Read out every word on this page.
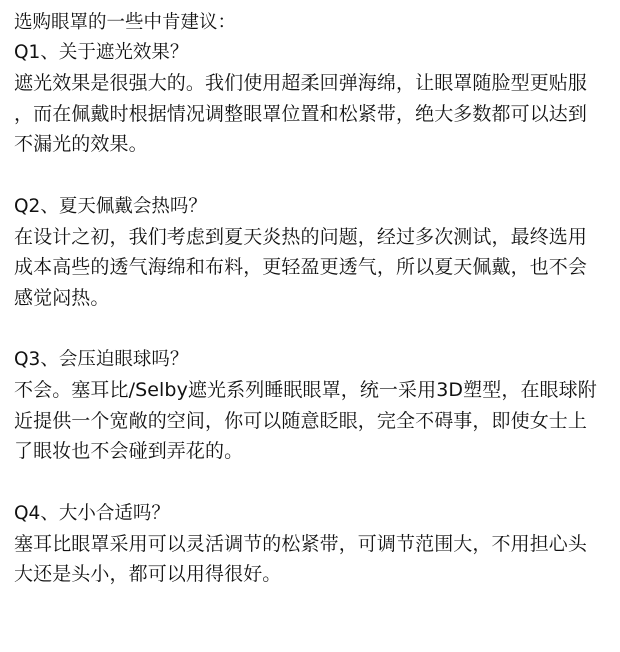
选购眼罩的一些中肯建议：

Q1、关于遮光效果？

遮光效果是很强大的。我们使用超柔回弹海绵，让眼罩随脸型更贴服
，而在佩戴时根据情况调整眼罩位置和松紧带，绝大多数都可以达到
不漏光的效果。

Q2、夏天佩戴会热吗？

在设计之初，我们考虑到夏天炎热的问题，经过多次测试，最终选用
成本高些的透气海绵和布料，更轻盈更透气，所以夏天佩戴，也不会
感觉闷热。

Q3、会压迫眼球吗？

不会。塞耳比/Selby遮光系列睡眠眼罩，统一采用3D塑型，在眼球附
近提供一个宽敞的空间，你可以随意眨眼，完全不碍事，即使女士上
了眼妆也不会碰到弄花的。

Q4、大小合适吗？

塞耳比眼罩采用可以灵活调节的松紧带，可调节范围大，不用担心头
大还是头小，都可以用得很好。
